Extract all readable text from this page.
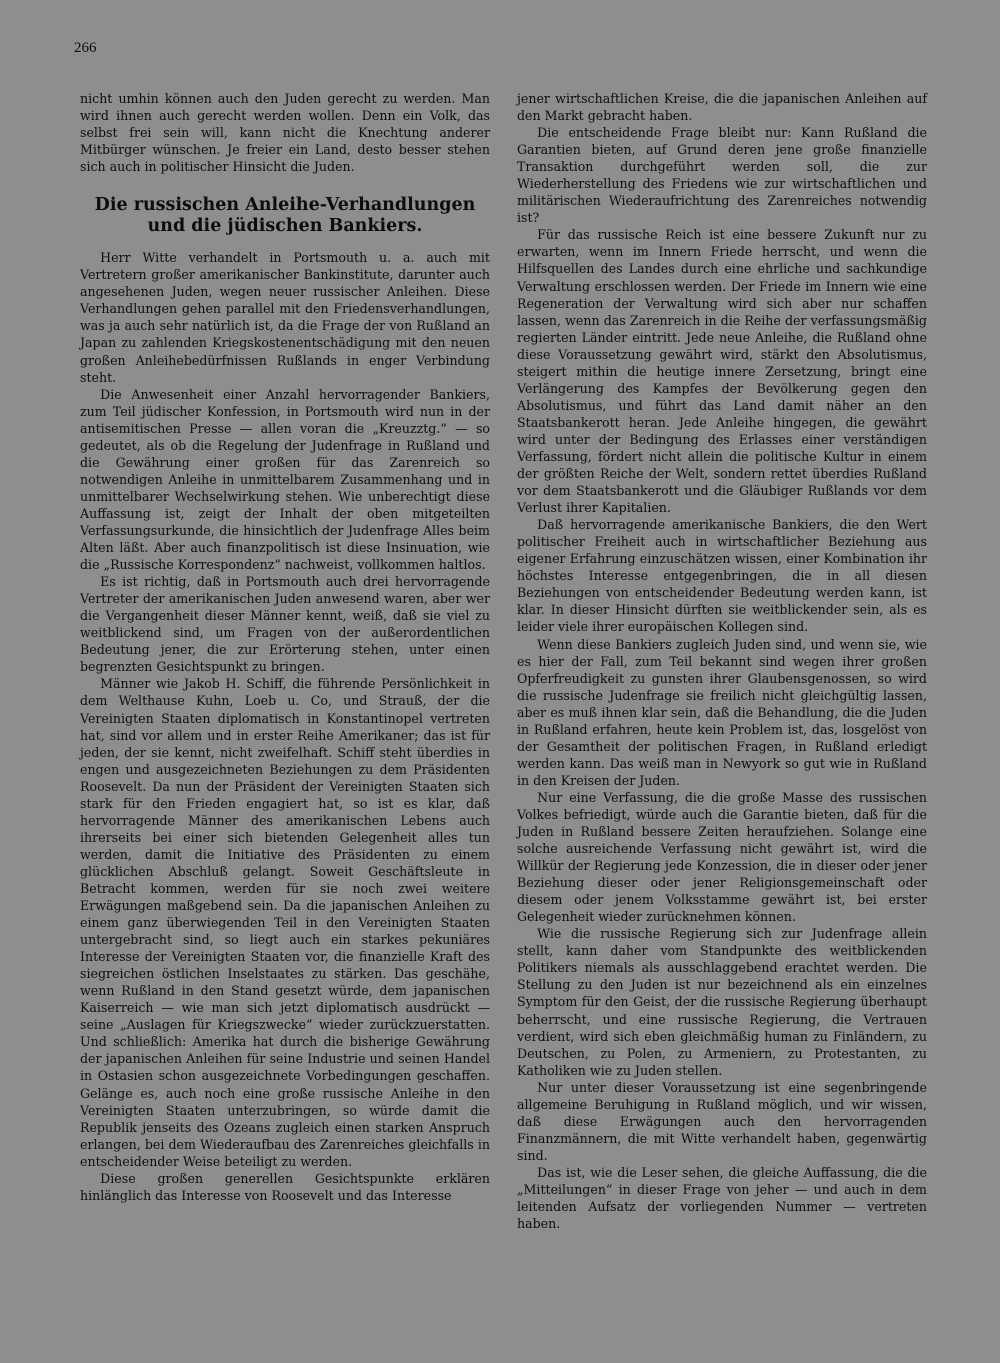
266

nicht umhin können auch den Juden gerecht zu werden. Man wird ihnen auch gerecht werden wollen. Denn ein Volk, das selbst frei sein will, kann nicht die Knechtung anderer Mitbürger wünschen. Je freier ein Land, desto besser stehen sich auch in politischer Hinsicht die Juden.

Die russischen Anleihe-Verhandlungen und die jüdischen Bankiers.

Herr Witte verhandelt in Portsmouth u. a. auch mit Vertretern großer amerikanischer Bankinstitute, darunter auch angesehenen Juden, wegen neuer russischer Anleihen. Diese Verhandlungen gehen parallel mit den Friedensverhandlungen, was ja auch sehr natürlich ist, da die Frage der von Rußland an Japan zu zahlenden Kriegskostenentschädigung mit den neuen großen Anleihebedürfnissen Rußlands in enger Verbindung steht.

Die Anwesenheit einer Anzahl hervorragender Bankiers, zum Teil jüdischer Konfession, in Portsmouth wird nun in der antisemitischen Presse — allen voran die „Kreuzztg.“ — so gedeutet, als ob die Regelung der Judenfrage in Rußland und die Gewährung einer großen für das Zarenreich so notwendigen Anleihe in unmittelbarem Zusammenhang und in unmittelbarer Wechselwirkung stehen. Wie unberechtigt diese Auffassung ist, zeigt der Inhalt der oben mitgeteilten Verfassungsurkunde, die hinsichtlich der Judenfrage Alles beim Alten läßt. Aber auch finanzpolitisch ist diese Insinuation, wie die „Russische Korrespondenz“ nachweist, vollkommen haltlos.

Es ist richtig, daß in Portsmouth auch drei hervorragende Vertreter der amerikanischen Juden anwesend waren, aber wer die Vergangenheit dieser Männer kennt, weiß, daß sie viel zu weitblickend sind, um Fragen von der außerordentlichen Bedeutung jener, die zur Erörterung stehen, unter einen begrenzten Gesichtspunkt zu bringen.

Männer wie Jakob H. Schiff, die führende Persönlichkeit in dem Welthause Kuhn, Loeb u. Co, und Strauß, der die Vereinigten Staaten diplomatisch in Konstantinopel vertreten hat, sind vor allem und in erster Reihe Amerikaner; das ist für jeden, der sie kennt, nicht zweifelhaft. Schiff steht überdies in engen und ausgezeichneten Beziehungen zu dem Präsidenten Roosevelt. Da nun der Präsident der Vereinigten Staaten sich stark für den Frieden engagiert hat, so ist es klar, daß hervorragende Männer des amerikanischen Lebens auch ihrerseits bei einer sich bietenden Gelegenheit alles tun werden, damit die Initiative des Präsidenten zu einem glücklichen Abschluß gelangt. Soweit Geschäftsleute in Betracht kommen, werden für sie noch zwei weitere Erwägungen maßgebend sein. Da die japanischen Anleihen zu einem ganz überwiegenden Teil in den Vereinigten Staaten untergebracht sind, so liegt auch ein starkes pekuniäres Interesse der Vereinigten Staaten vor, die finanzielle Kraft des siegreichen östlichen Inselstaates zu stärken. Das geschähe, wenn Rußland in den Stand gesetzt würde, dem japanischen Kaiserreich — wie man sich jetzt diplomatisch ausdrückt — seine „Auslagen für Kriegszwecke“ wieder zurückzuerstatten. Und schließlich: Amerika hat durch die bisherige Gewährung der japanischen Anleihen für seine Industrie und seinen Handel in Ostasien schon ausgezeichnete Vorbedingungen geschaffen. Gelänge es, auch noch eine große russische Anleihe in den Vereinigten Staaten unterzubringen, so würde damit die Republik jenseits des Ozeans zugleich einen starken Anspruch erlangen, bei dem Wiederaufbau des Zarenreiches gleichfalls in entscheidender Weise beteiligt zu werden.

Diese großen generellen Gesichtspunkte erklären hinlänglich das Interesse von Roosevelt und das Interesse

jener wirtschaftlichen Kreise, die die japanischen Anleihen auf den Markt gebracht haben.

Die entscheidende Frage bleibt nur: Kann Rußland die Garantien bieten, auf Grund deren jene große finanzielle Transaktion durchgeführt werden soll, die zur Wiederherstellung des Friedens wie zur wirtschaftlichen und militärischen Wiederaufrichtung des Zarenreiches notwendig ist?

Für das russische Reich ist eine bessere Zukunft nur zu erwarten, wenn im Innern Friede herrscht, und wenn die Hilfsquellen des Landes durch eine ehrliche und sachkundige Verwaltung erschlossen werden. Der Friede im Innern wie eine Regeneration der Verwaltung wird sich aber nur schaffen lassen, wenn das Zarenreich in die Reihe der verfassungsmäßig regierten Länder eintritt. Jede neue Anleihe, die Rußland ohne diese Voraussetzung gewährt wird, stärkt den Absolutismus, steigert mithin die heutige innere Zersetzung, bringt eine Verlängerung des Kampfes der Bevölkerung gegen den Absolutismus, und führt das Land damit näher an den Staatsbankerott heran. Jede Anleihe hingegen, die gewährt wird unter der Bedingung des Erlasses einer verständigen Verfassung, fördert nicht allein die politische Kultur in einem der größten Reiche der Welt, sondern rettet überdies Rußland vor dem Staatsbankerott und die Gläubiger Rußlands vor dem Verlust ihrer Kapitalien.

Daß hervorragende amerikanische Bankiers, die den Wert politischer Freiheit auch in wirtschaftlicher Beziehung aus eigener Erfahrung einzuschätzen wissen, einer Kombination ihr höchstes Interesse entgegenbringen, die in all diesen Beziehungen von entscheidender Bedeutung werden kann, ist klar. In dieser Hinsicht dürften sie weitblickender sein, als es leider viele ihrer europäischen Kollegen sind.

Wenn diese Bankiers zugleich Juden sind, und wenn sie, wie es hier der Fall, zum Teil bekannt sind wegen ihrer großen Opferfreudigkeit zu gunsten ihrer Glaubensgenossen, so wird die russische Judenfrage sie freilich nicht gleichgültig lassen, aber es muß ihnen klar sein, daß die Behandlung, die die Juden in Rußland erfahren, heute kein Problem ist, das, losgelöst von der Gesamtheit der politischen Fragen, in Rußland erledigt werden kann. Das weiß man in Newyork so gut wie in Rußland in den Kreisen der Juden.

Nur eine Verfassung, die die große Masse des russischen Volkes befriedigt, würde auch die Garantie bieten, daß für die Juden in Rußland bessere Zeiten heraufziehen. Solange eine solche ausreichende Verfassung nicht gewährt ist, wird die Willkür der Regierung jede Konzession, die in dieser oder jener Beziehung dieser oder jener Religionsgemeinschaft oder diesem oder jenem Volksstamme gewährt ist, bei erster Gelegenheit wieder zurücknehmen können.

Wie die russische Regierung sich zur Judenfrage allein stellt, kann daher vom Standpunkte des weitblickenden Politikers niemals als ausschlaggebend erachtet werden. Die Stellung zu den Juden ist nur bezeichnend als ein einzelnes Symptom für den Geist, der die russische Regierung überhaupt beherrscht, und eine russische Regierung, die Vertrauen verdient, wird sich eben gleichmäßig human zu Finländern, zu Deutschen, zu Polen, zu Armeniern, zu Protestanten, zu Katholiken wie zu Juden stellen.

Nur unter dieser Voraussetzung ist eine segenbringende allgemeine Beruhigung in Rußland möglich, und wir wissen, daß diese Erwägungen auch den hervorragenden Finanzmännern, die mit Witte verhandelt haben, gegenwärtig sind.

Das ist, wie die Leser sehen, die gleiche Auffassung, die die „Mitteilungen“ in dieser Frage von jeher — und auch in dem leitenden Aufsatz der vorliegenden Nummer — vertreten haben.
